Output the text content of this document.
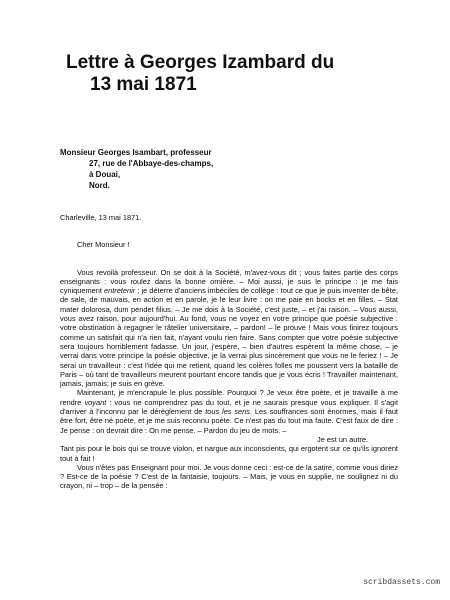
Lettre à Georges Izambard du
13 mai 1871
Monsieur Georges Isambart, professeur
27, rue de l'Abbaye-des-champs,
à Douai,
Nord.
Charleville, 13 mai 1871.
Cher Monsieur !

Vous revoilà professeur. On se doit à la Société, m'avez-vous dit ; vous faites partie des corps enseignants : vous roulez dans la bonne ornière. – Moi aussi, je suis le principe : je me fais cyniquement entretenir ; je déterre d'anciens imbéciles de collège : tout ce que je puis inventer de bête, de sale, de mauvais, en action et en parole, je le leur livre : on me paie en bocks et en filles. – Stat mater dolorosa, dum pendet filius. – Je me dois à la Société, c'est juste, – et j'ai raison. – Vous aussi, vous avez raison, pour aujourd'hui. Au fond, vous ne voyez en votre principe que poésie subjective : votre obstination à regagner le râtelier universitaire, – pardon! – le prouve ! Mais vous finirez toujours comme un satisfait qui n'a rien fait, n'ayant voulu rien faire. Sans compter que votre poésie subjective sera toujours horriblement fadasse. Un jour, j'espère, – bien d'autres espèrent la même chose, – je verrai dans votre principe la poésie objective, je la verrai plus sincèrement que vous ne le feriez ! – Je serai un travailleur : c'est l'idée qui me retient, quand les colères folles me poussent vers la bataille de Paris – où tant de travailleurs meurent pourtant encore tandis que je vous écris ! Travailler maintenant, jamais, jamais; je suis en grève.

Maintenant, je m'encrapule le plus possible. Pourquoi ? Je veux être poète, et je travaille à me rendre voyant : vous ne comprendrez pas du tout, et je ne saurais presque vous expliquer. Il s'agit d'arriver à l'inconnu par le dérèglement de tous les sens. Les souffrances sont énormes, mais il faut être fort, être né poète, et je me suis reconnu poète. Ce n'est pas du tout ma faute. C'est faux de dire : Je pense : on devrait dire : On me pense. – Pardon du jeu de mots. –

Je est un autre.

Tant pis pour le bois qui se trouve violon, et nargue aux inconscients, qui ergotent sur ce qu'ils ignorent tout à fait !

Vous n'êtes pas Enseignant pour moi. Je vous donne ceci : est-ce de la satire, comme vous diriez ? Est-ce de la poésie ? C'est de la fantaisie, toujours. – Mais, je vous en supplie, ne soulignez ni du crayon, ni – trop – de la pensée :

scribdassets.com
